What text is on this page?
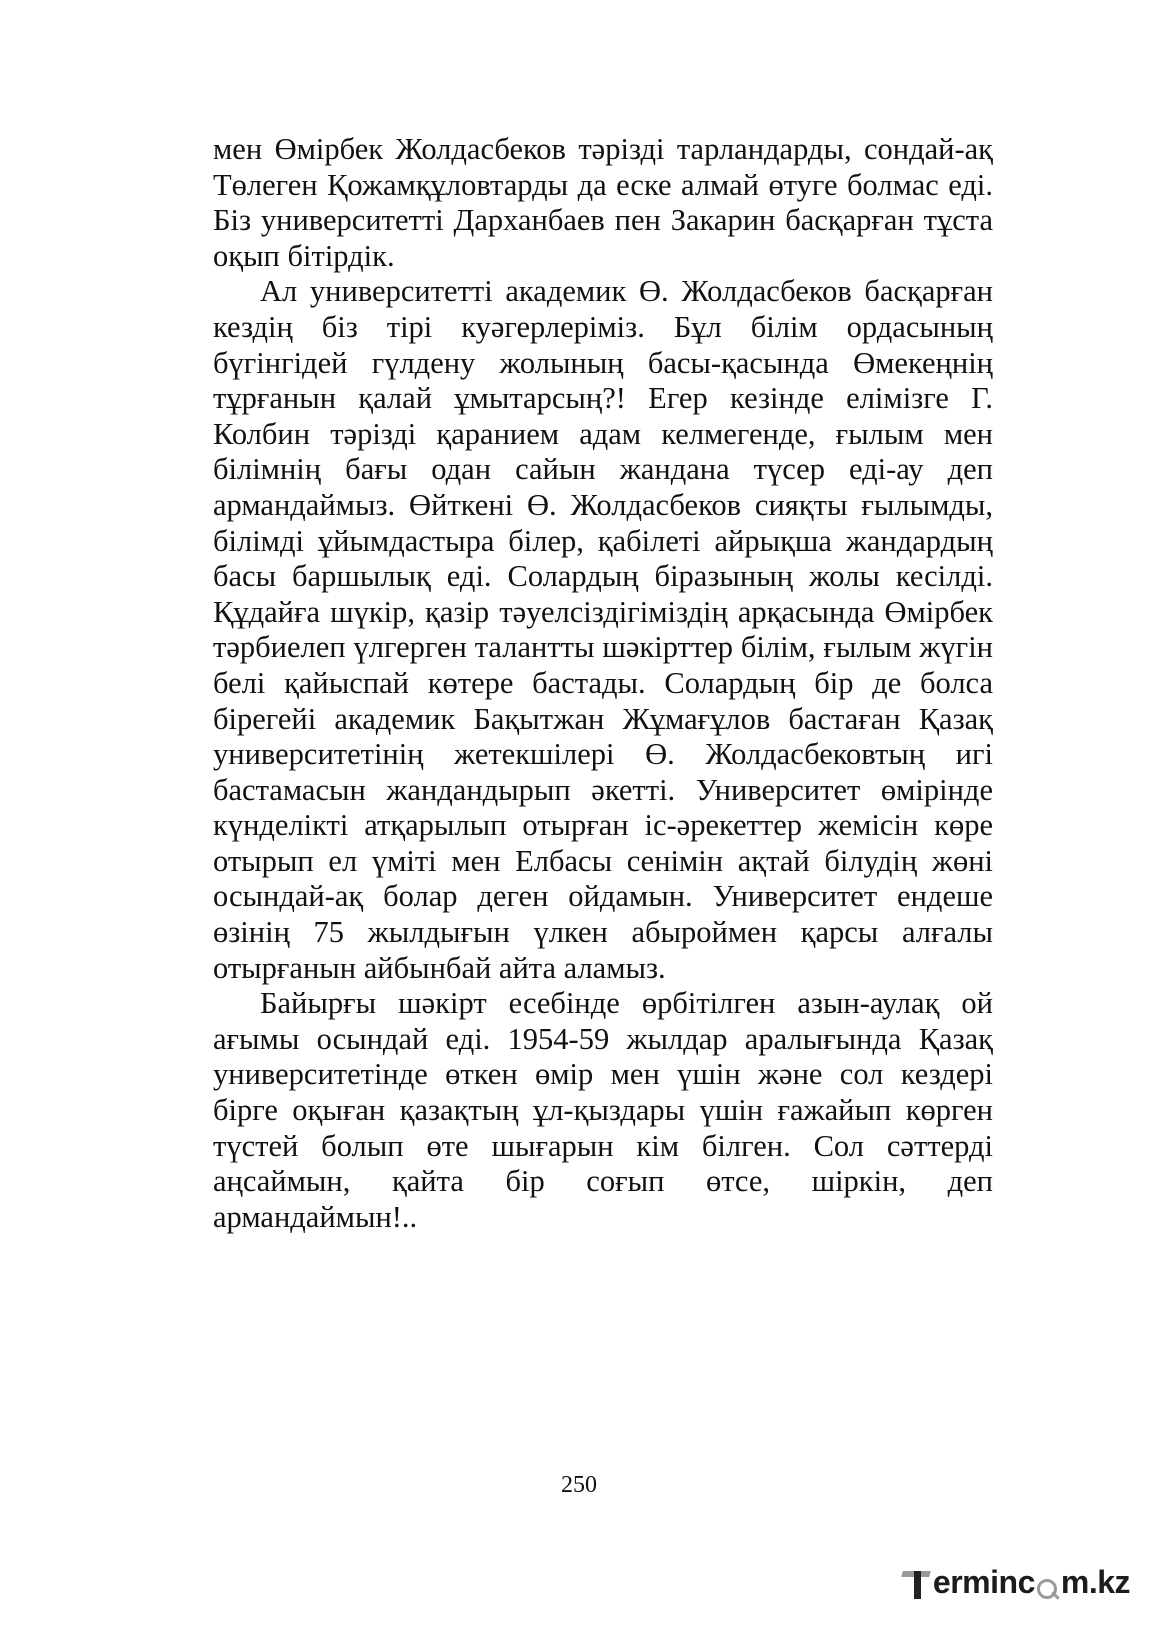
мен Өмірбек Жолдасбеков тәрізді тарландарды, сондай-ақ Төлеген Қожамқұловтарды да еске алмай өтуге болмас еді. Біз университетті Дарханбаев пен Закарин басқарған тұста оқып бітірдік.

Ал университетті академик Ө. Жолдасбеков басқарған кездің біз тірі куәгерлеріміз. Бұл білім ордасының бүгінгідей гүлдену жолының басы-қасында Өмекеңнің тұрғанын қалай ұмытарсың?! Егер кезінде елімізге Г. Колбин тәрізді қаранием адам келмегенде, ғылым мен білімнің бағы одан сайын жандана түсер еді-ау деп армандаймыз. Өйткені Ө. Жолдасбеков сияқты ғылымды, білімді ұйымдастыра білер, қабілеті айрықша жандардың басы баршылық еді. Солардың біразының жолы кесілді. Құдайға шүкір, қазір тәуелсіздігіміздің арқасында Өмірбек тәрбиелеп үлгерген талантты шәкірттер білім, ғылым жүгін белі қайыспай көтере бастады. Солардың бір де болса бірегейі академик Бақытжан Жұмағұлов бастаған Қазақ университетінің жетекшілері Ө. Жолдасбековтың игі бастамасын жандандырып әкетті. Университет өмірінде күнделікті атқарылып отырған іс-әрекеттер жемісін көре отырып ел үміті мен Елбасы сенімін ақтай білудің жөні осындай-ақ болар деген ойдамын. Университет ендеше өзінің 75 жылдығын үлкен абыроймен қарсы алғалы отырғанын айбынбай айта аламыз.

Байырғы шәкірт есебінде өрбітілген азын-аулақ ой ағымы осындай еді. 1954-59 жылдар аралығында Қазақ университетінде өткен өмір мен үшін және сол кездері бірге оқыған қазақтың ұл-қыздары үшін ғажайып көрген түстей болып өте шығарын кім білген. Сол сәттерді аңсаймын, қайта бір соғып өтсе, шіркін, деп армандаймын!..

250
ermin c m.kz
